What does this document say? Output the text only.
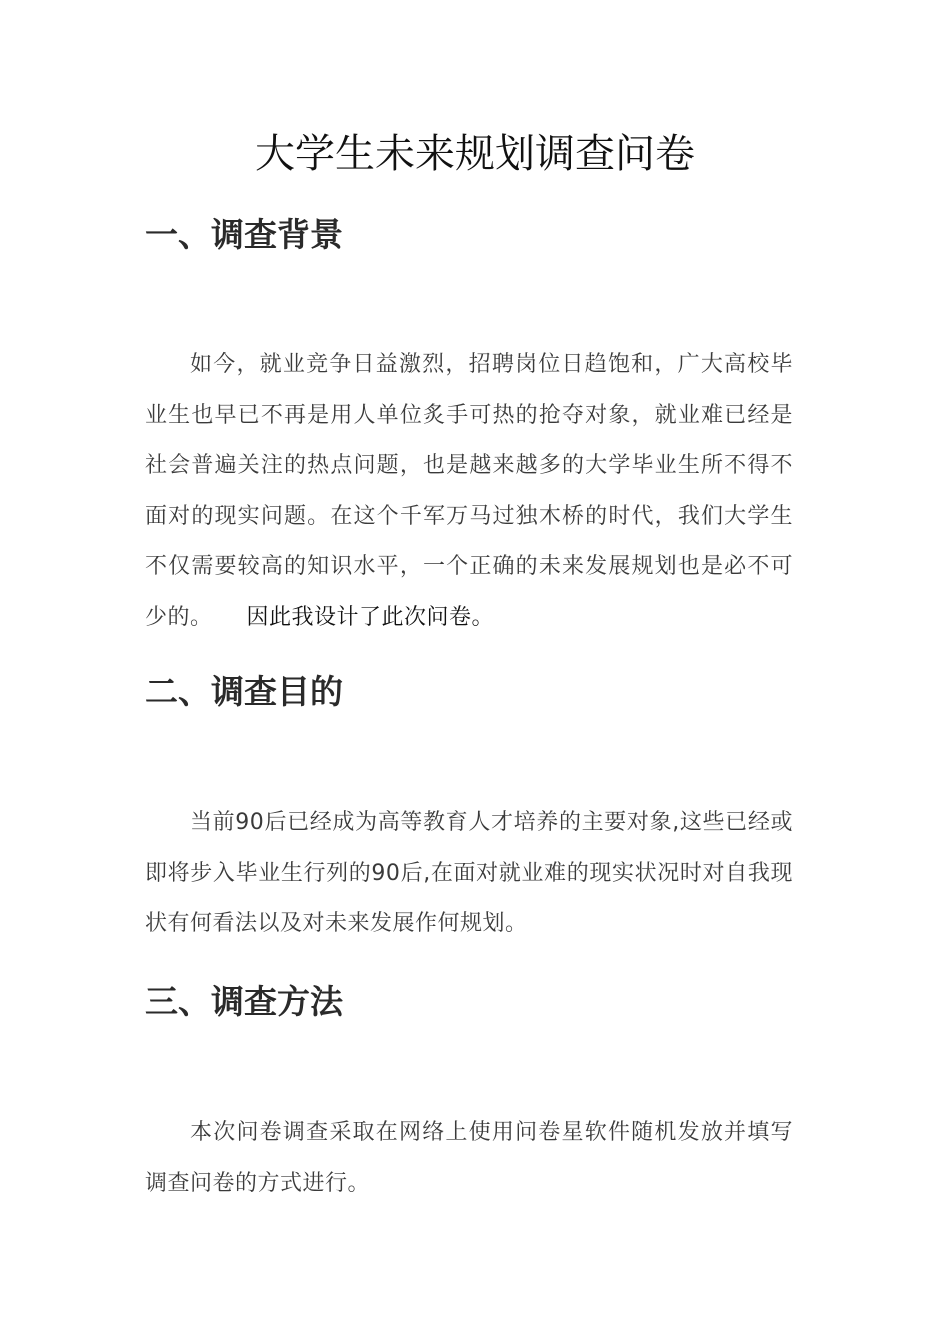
大学生未来规划调查问卷
一、调查背景

如今，就业竞争日益激烈，招聘岗位日趋饱和，广大高校毕业生也早已不再是用人单位炙手可热的抢夺对象，就业难已经是社会普遍关注的热点问题，也是越来越多的大学毕业生所不得不面对的现实问题。在这个千军万马过独木桥的时代，我们大学生不仅需要较高的知识水平，一个正确的未来发展规划也是必不可少的。　　 因此我设计了此次问卷。

二、调查目的

当前90后已经成为高等教育人才培养的主要对象,这些已经或即将步入毕业生行列的90后,在面对就业难的现实状况时对自我现状有何看法以及对未来发展作何规划。

三、调查方法

本次问卷调查采取在网络上使用问卷星软件随机发放并填写调查问卷的方式进行。
